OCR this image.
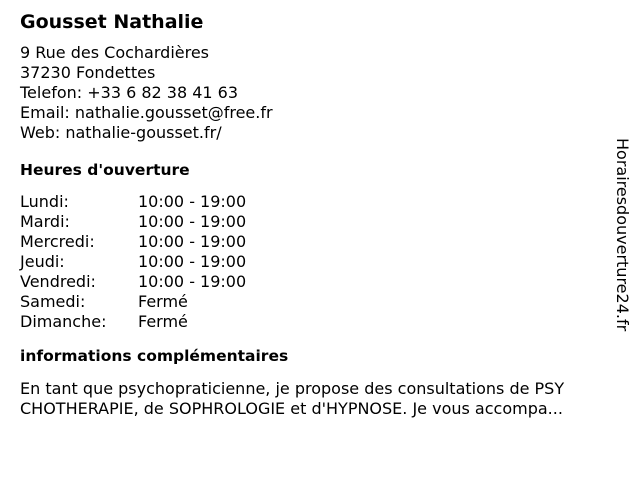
Gousset Nathalie
9 Rue des Cochardières
37230 Fondettes
Telefon: +33 6 82 38 41 63
Email: nathalie.gousset@free.fr
Web: nathalie-gousset.fr/
Heures d'ouverture
Lundi:	10:00 - 19:00
Mardi:	10:00 - 19:00
Mercredi:	10:00 - 19:00
Jeudi:	10:00 - 19:00
Vendredi:	10:00 - 19:00
Samedi:	Fermé
Dimanche:	Fermé
informations complémentaires
En tant que psychopraticienne, je propose des consultations de PSY
CHOTHERAPIE, de SOPHROLOGIE et d'HYPNOSE. Je vous accompa...
Horairesdouverture24.fr
